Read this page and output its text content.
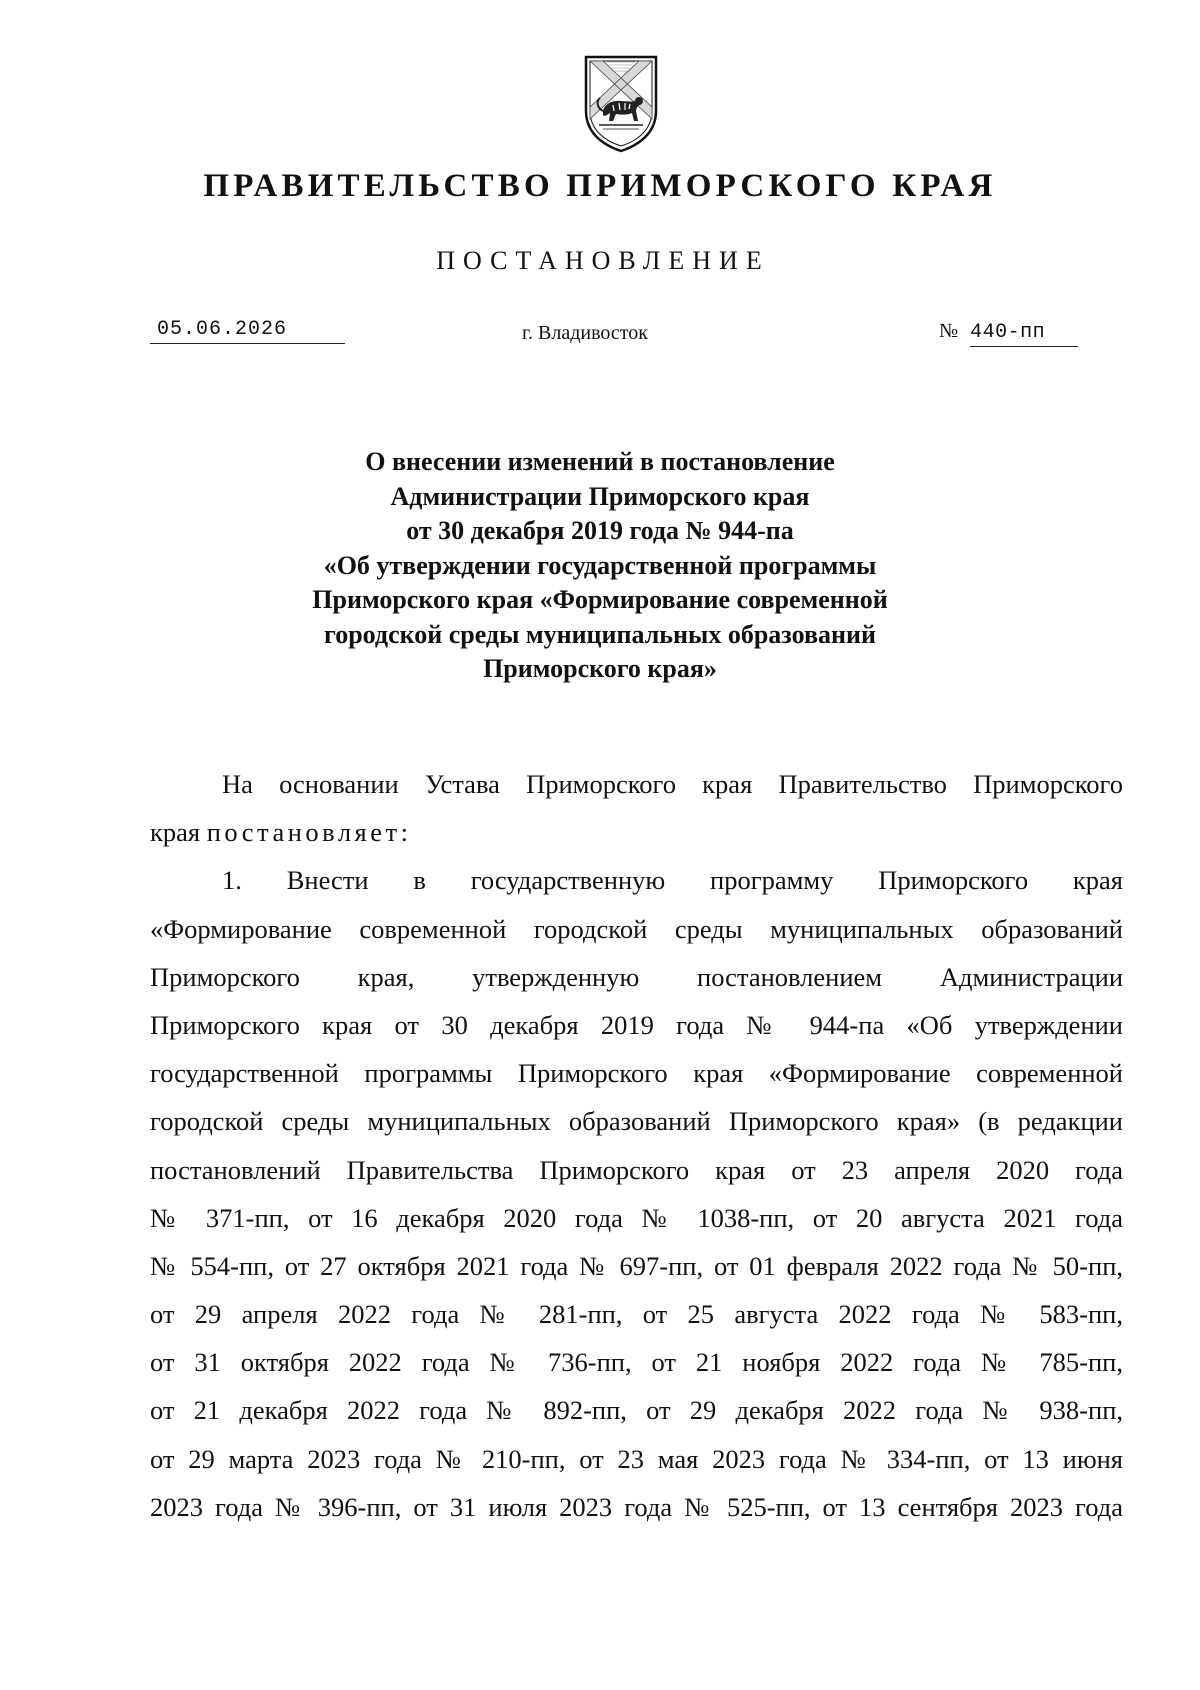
ПРАВИТЕЛЬСТВО ПРИМОРСКОГО КРАЯ
ПОСТАНОВЛЕНИЕ
05.06.2026	г. Владивосток	№ 440-пп
О внесении изменений в постановление
Администрации Приморского края
от 30 декабря 2019 года № 944-па
«Об утверждении государственной программы
Приморского края «Формирование современной
городской среды муниципальных образований
Приморского края»
На основании Устава Приморского края Правительство Приморского
края постановляет:
1. Внести в государственную программу Приморского края
«Формирование современной городской среды муниципальных образований
Приморского края, утвержденную постановлением Администрации
Приморского края от 30 декабря 2019 года № 944-па «Об утверждении
государственной программы Приморского края «Формирование современной
городской среды муниципальных образований Приморского края» (в редакции
постановлений Правительства Приморского края от 23 апреля 2020 года
№ 371-пп, от 16 декабря 2020 года № 1038-пп, от 20 августа 2021 года
№ 554-пп, от 27 октября 2021 года № 697-пп, от 01 февраля 2022 года № 50-пп,
от 29 апреля 2022 года № 281-пп, от 25 августа 2022 года № 583-пп,
от 31 октября 2022 года № 736-пп, от 21 ноября 2022 года № 785-пп,
от 21 декабря 2022 года № 892-пп, от 29 декабря 2022 года № 938-пп,
от 29 марта 2023 года № 210-пп, от 23 мая 2023 года № 334-пп, от 13 июня
2023 года № 396-пп, от 31 июля 2023 года № 525-пп, от 13 сентября 2023 года
